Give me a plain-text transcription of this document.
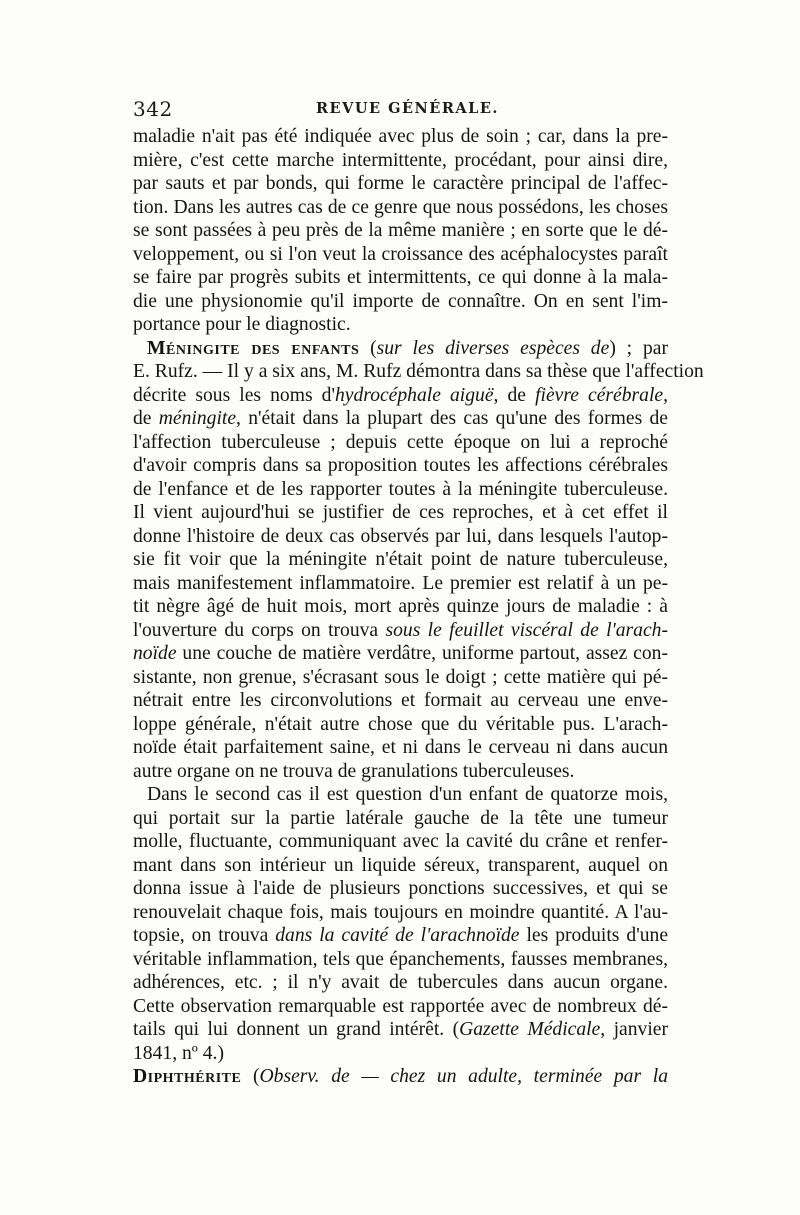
342	REVUE GÉNÉRALE.
maladie n'ait pas été indiquée avec plus de soin ; car, dans la pre-
mière, c'est cette marche intermittente, procédant, pour ainsi dire,
par sauts et par bonds, qui forme le caractère principal de l'affec-
tion. Dans les autres cas de ce genre que nous possédons, les choses
se sont passées à peu près de la même manière ; en sorte que le dé-
veloppement, ou si l'on veut la croissance des acéphalocystes paraît
se faire par progrès subits et intermittents, ce qui donne à la mala-
die une physionomie qu'il importe de connaître. On en sent l'im-
portance pour le diagnostic.
Méningite des enfants (sur les diverses espèces de) ; par
E. Rufz. — Il y a six ans, M. Rufz démontra dans sa thèse que l'affection
décrite sous les noms d'hydrocéphale aiguë, de fièvre cérébrale,
de méningite, n'était dans la plupart des cas qu'une des formes de
l'affection tuberculeuse ; depuis cette époque on lui a reproché
d'avoir compris dans sa proposition toutes les affections cérébrales
de l'enfance et de les rapporter toutes à la méningite tuberculeuse.
Il vient aujourd'hui se justifier de ces reproches, et à cet effet il
donne l'histoire de deux cas observés par lui, dans lesquels l'autop-
sie fit voir que la méningite n'était point de nature tuberculeuse,
mais manifestement inflammatoire. Le premier est relatif à un pe-
tit nègre âgé de huit mois, mort après quinze jours de maladie : à
l'ouverture du corps on trouva sous le feuillet viscéral de l'arach-
noïde une couche de matière verdâtre, uniforme partout, assez con-
sistante, non grenue, s'écrasant sous le doigt ; cette matière qui pé-
nétrait entre les circonvolutions et formait au cerveau une enve-
loppe générale, n'était autre chose que du véritable pus. L'arach-
noïde était parfaitement saine, et ni dans le cerveau ni dans aucun
autre organe on ne trouva de granulations tuberculeuses.
Dans le second cas il est question d'un enfant de quatorze mois,
qui portait sur la partie latérale gauche de la tête une tumeur
molle, fluctuante, communiquant avec la cavité du crâne et renfer-
mant dans son intérieur un liquide séreux, transparent, auquel on
donna issue à l'aide de plusieurs ponctions successives, et qui se
renouvelait chaque fois, mais toujours en moindre quantité. A l'au-
topsie, on trouva dans la cavité de l'arachnoïde les produits d'une
véritable inflammation, tels que épanchements, fausses membranes,
adhérences, etc. ; il n'y avait de tubercules dans aucun organe.
Cette observation remarquable est rapportée avec de nombreux dé-
tails qui lui donnent un grand intérêt. (Gazette Médicale, janvier
1841, nº 4.)
Diphthérite (Observ. de — chez un adulte, terminée par la
